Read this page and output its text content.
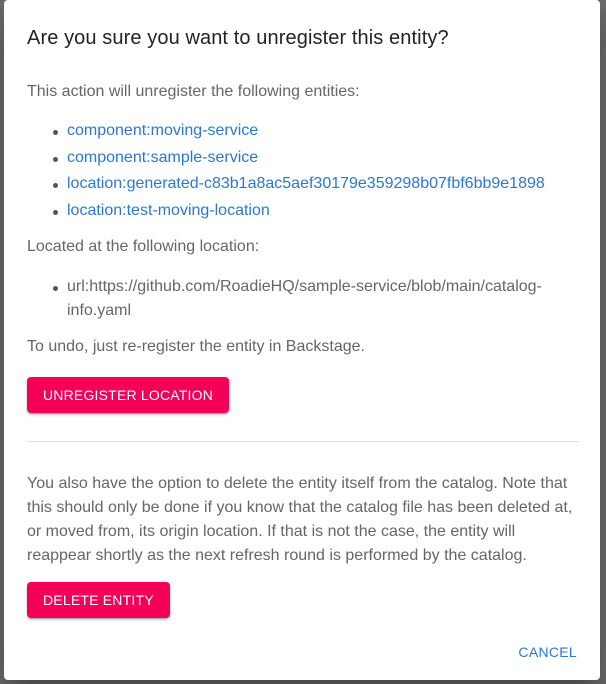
Are you sure you want to unregister this entity?

This action will unregister the following entities:

component:moving-service
component:sample-service
location:generated-c83b1a8ac5aef30179e359298b07fbf6bb9e1898
location:test-moving-location

Located at the following location:

url:https://github.com/RoadieHQ/sample-service/blob/main/catalog-info.yaml

To undo, just re-register the entity in Backstage.

UNREGISTER LOCATION

You also have the option to delete the entity itself from the catalog. Note that this should only be done if you know that the catalog file has been deleted at, or moved from, its origin location. If that is not the case, the entity will reappear shortly as the next refresh round is performed by the catalog.

DELETE ENTITY
CANCEL
